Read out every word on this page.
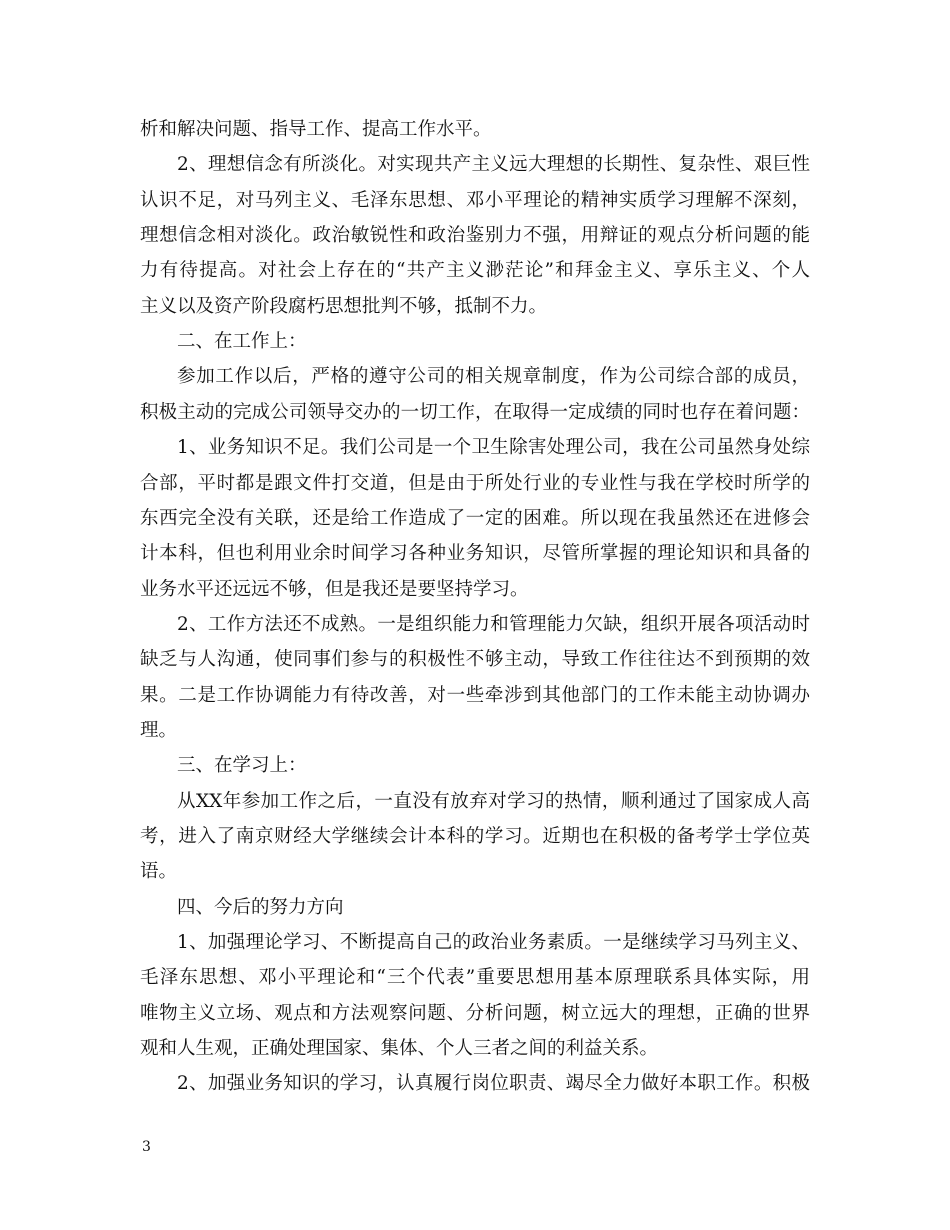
析和解决问题、指导工作、提高工作水平。
2、理想信念有所淡化。对实现共产主义远大理想的长期性、复杂性、艰巨性
认识不足，对马列主义、毛泽东思想、邓小平理论的精神实质学习理解不深刻，
理想信念相对淡化。政治敏锐性和政治鉴别力不强，用辩证的观点分析问题的能
力有待提高。对社会上存在的“共产主义渺茫论”和拜金主义、享乐主义、个人
主义以及资产阶段腐朽思想批判不够，抵制不力。
二、在工作上：
参加工作以后，严格的遵守公司的相关规章制度，作为公司综合部的成员，
积极主动的完成公司领导交办的一切工作，在取得一定成绩的同时也存在着问题：
1、业务知识不足。我们公司是一个卫生除害处理公司，我在公司虽然身处综
合部，平时都是跟文件打交道，但是由于所处行业的专业性与我在学校时所学的
东西完全没有关联，还是给工作造成了一定的困难。所以现在我虽然还在进修会
计本科，但也利用业余时间学习各种业务知识，尽管所掌握的理论知识和具备的
业务水平还远远不够，但是我还是要坚持学习。
2、工作方法还不成熟。一是组织能力和管理能力欠缺，组织开展各项活动时
缺乏与人沟通，使同事们参与的积极性不够主动，导致工作往往达不到预期的效
果。二是工作协调能力有待改善，对一些牵涉到其他部门的工作未能主动协调办
理。
三、在学习上：
从XX年参加工作之后，一直没有放弃对学习的热情，顺利通过了国家成人高
考，进入了南京财经大学继续会计本科的学习。近期也在积极的备考学士学位英
语。
四、今后的努力方向
1、加强理论学习、不断提高自己的政治业务素质。一是继续学习马列主义、
毛泽东思想、邓小平理论和“三个代表”重要思想用基本原理联系具体实际，用
唯物主义立场、观点和方法观察问题、分析问题，树立远大的理想，正确的世界
观和人生观，正确处理国家、集体、个人三者之间的利益关系。
2、加强业务知识的学习，认真履行岗位职责、竭尽全力做好本职工作。积极
3
